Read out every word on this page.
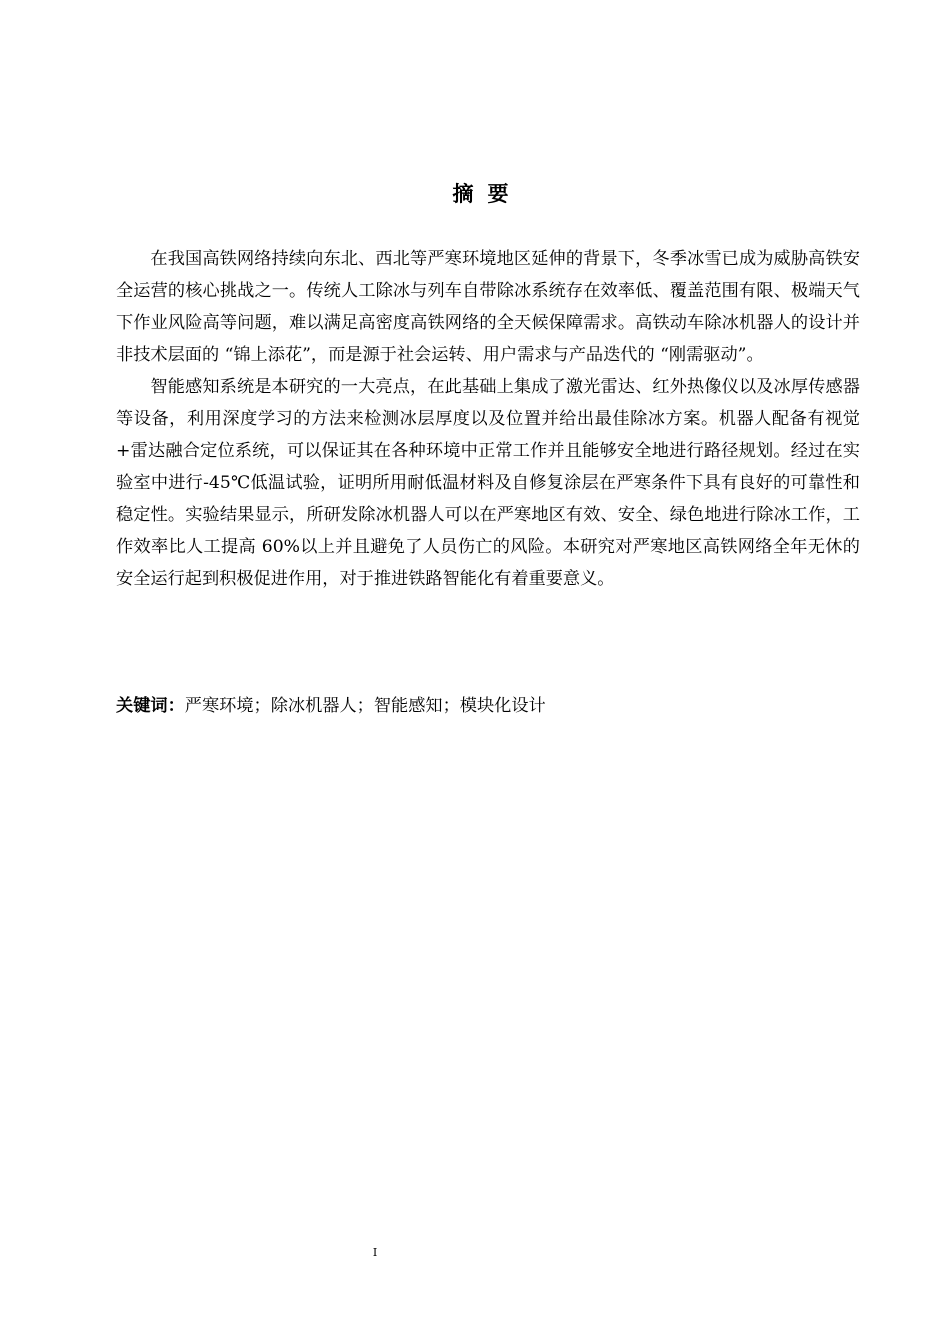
摘要

在我国高铁网络持续向东北、西北等严寒环境地区延伸的背景下，冬季冰雪已成为威胁高铁安全运营的核心挑战之一。传统人工除冰与列车自带除冰系统存在效率低、覆盖范围有限、极端天气下作业风险高等问题，难以满足高密度高铁网络的全天候保障需求。高铁动车除冰机器人的设计并非技术层面的 “锦上添花”，而是源于社会运转、用户需求与产品迭代的 “刚需驱动”。

智能感知系统是本研究的一大亮点，在此基础上集成了激光雷达、红外热像仪以及冰厚传感器等设备，利用深度学习的方法来检测冰层厚度以及位置并给出最佳除冰方案。机器人配备有视觉+雷达融合定位系统，可以保证其在各种环境中正常工作并且能够安全地进行路径规划。经过在实验室中进行-45℃低温试验，证明所用耐低温材料及自修复涂层在严寒条件下具有良好的可靠性和稳定性。实验结果显示，所研发除冰机器人可以在严寒地区有效、安全、绿色地进行除冰工作，工作效率比人工提高 60%以上并且避免了人员伤亡的风险。本研究对严寒地区高铁网络全年无休的安全运行起到积极促进作用，对于推进铁路智能化有着重要意义。

关键词：严寒环境；除冰机器人；智能感知；模块化设计
I
